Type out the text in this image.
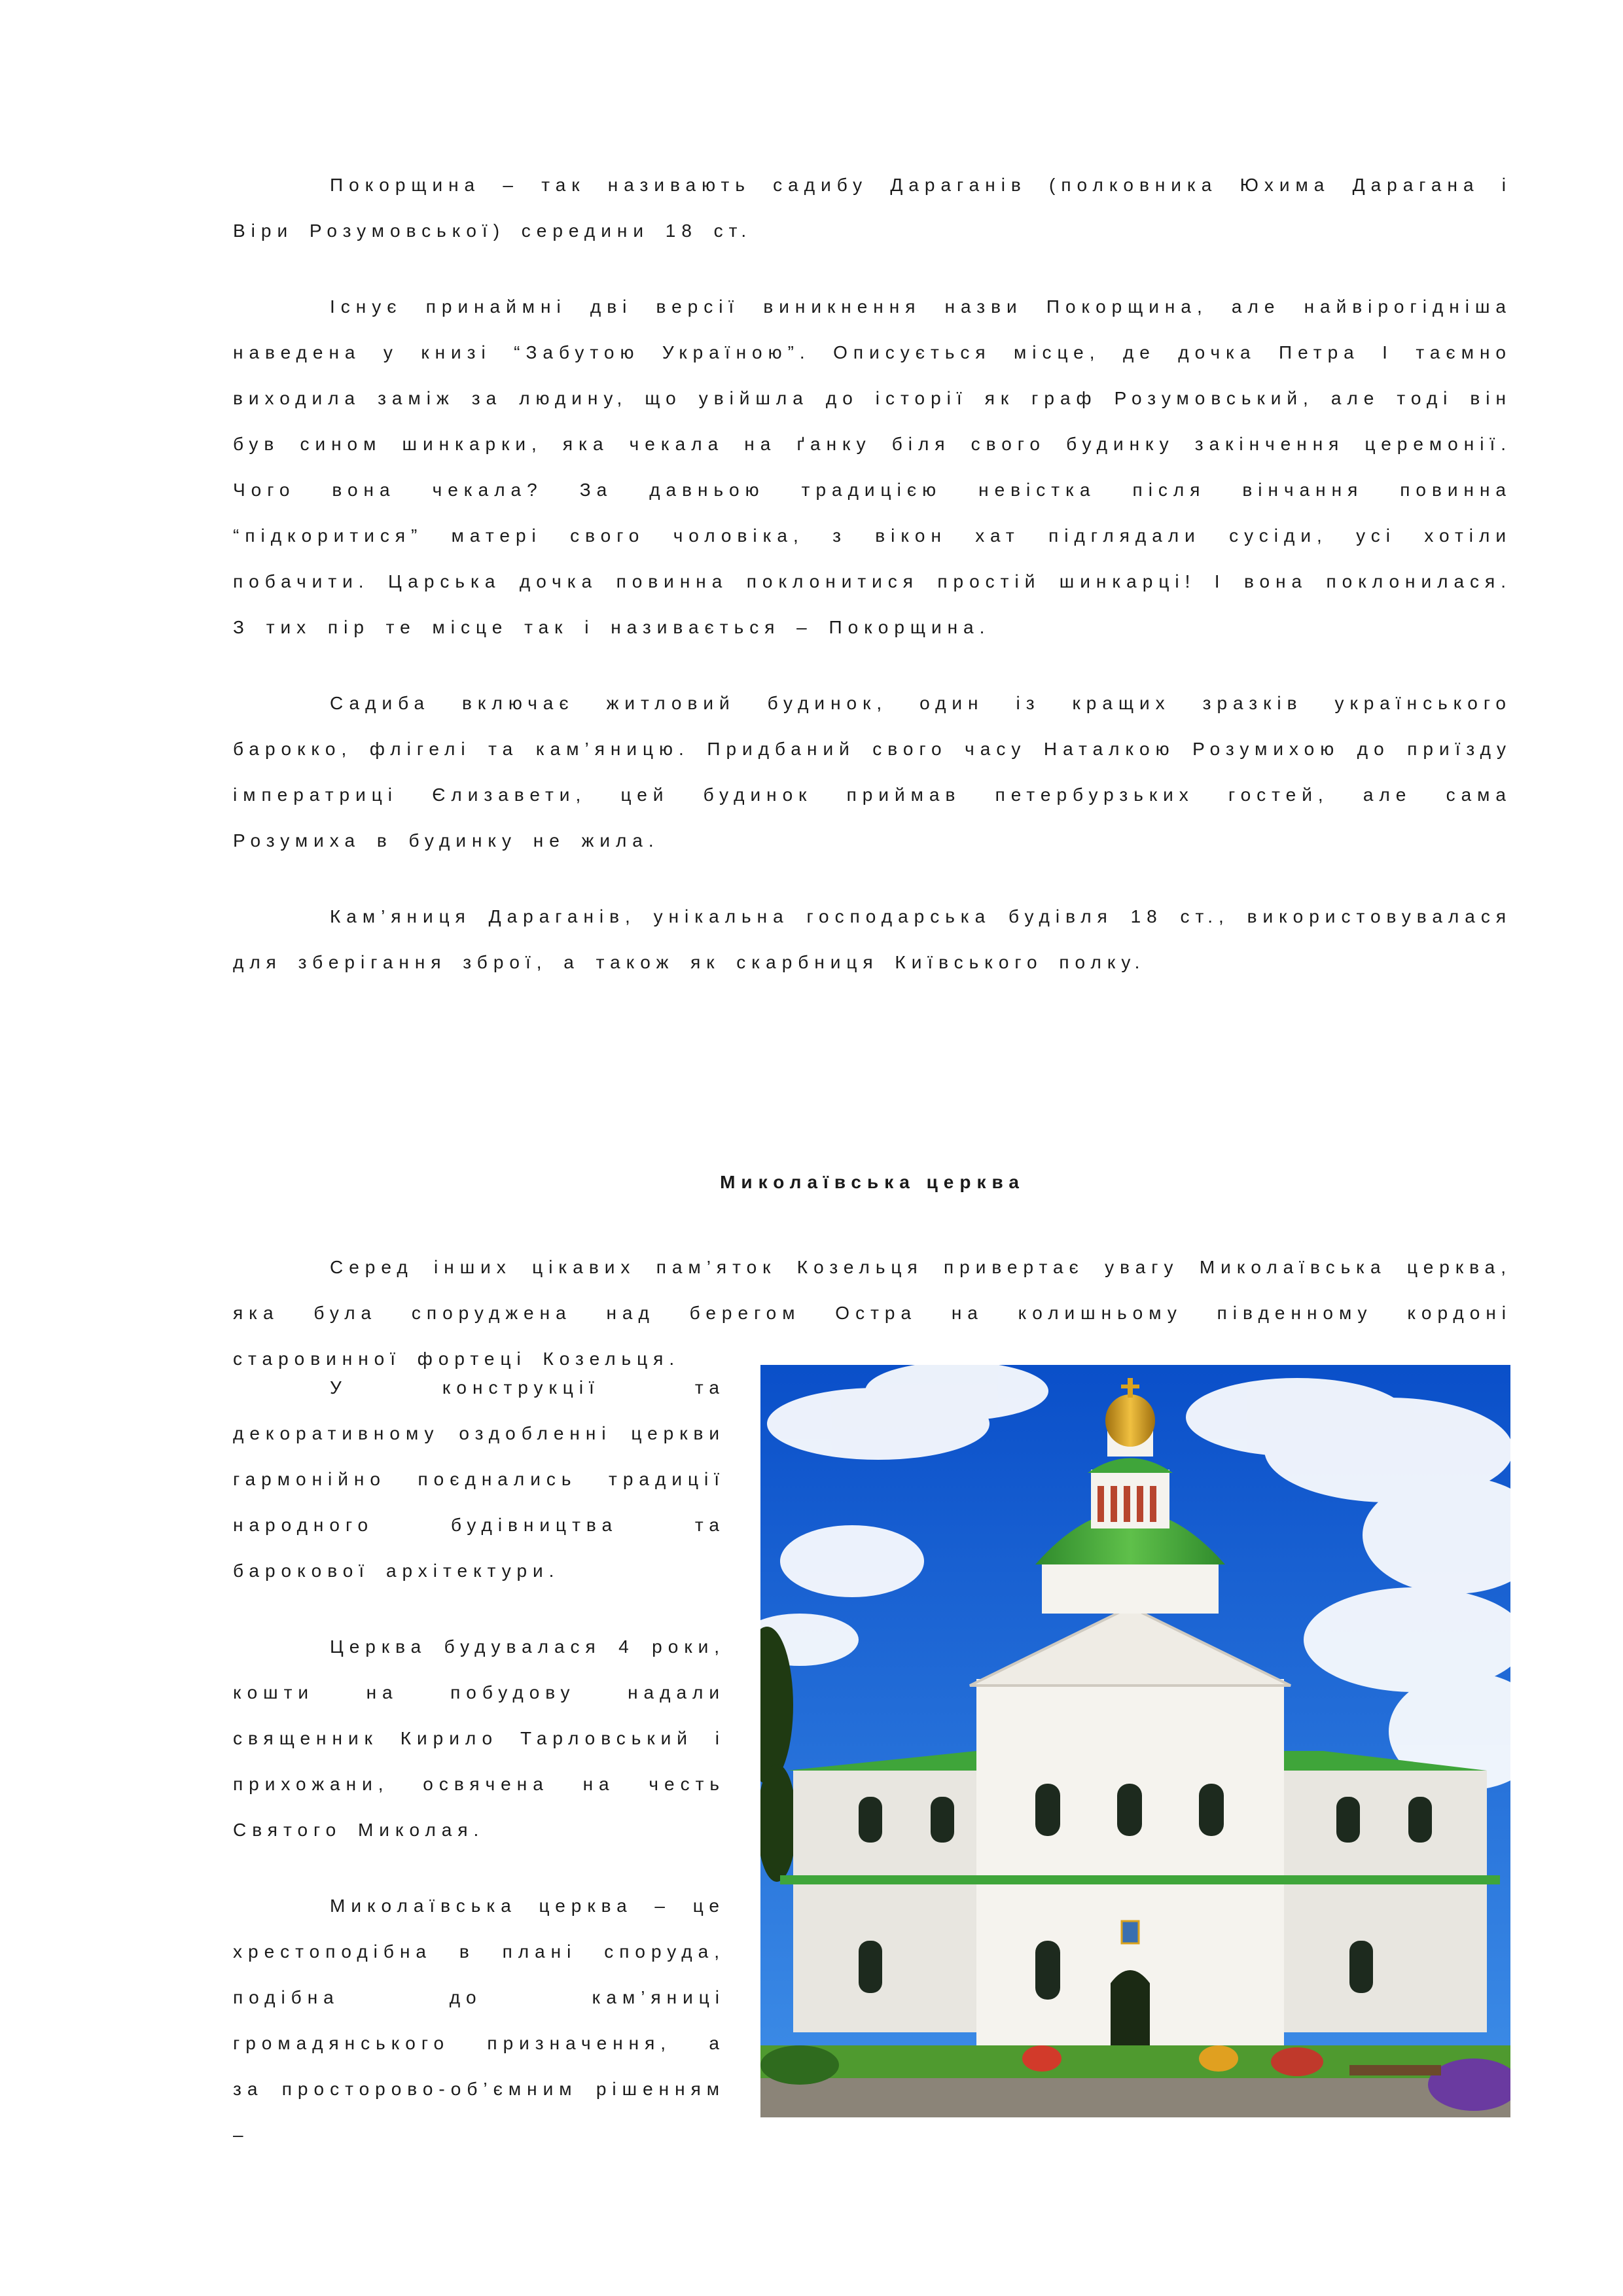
Покорщина – так називають садибу Дараганів (полковника Юхима Дарагана і Віри Розумовської) середини 18 ст.

Існує принаймні дві версії виникнення назви Покорщина, але найвірогідніша наведена у книзі “Забутою Україною”. Описується місце, де дочка Петра І таємно виходила заміж за людину, що увійшла до історії як граф Розумовський, але тоді він був сином шинкарки, яка чекала на ґанку біля свого будинку закінчення церемонії. Чого вона чекала? За давньою традицією невістка після вінчання повинна “підкоритися” матері свого чоловіка, з вікон хат підглядали сусіди, усі хотіли побачити. Царська дочка повинна поклонитися простій шинкарці! І вона поклонилася. З тих пір те місце так і називається – Покорщина.

Садиба включає житловий будинок, один із кращих зразків українського барокко, флігелі та кам’яницю. Придбаний свого часу Наталкою Розумихою до приїзду імператриці Єлизавети, цей будинок приймав петербурзьких гостей, але сама Розумиха в будинку не жила.

Кам’яниця Дараганів, унікальна господарська будівля 18 ст., використовувалася для зберігання зброї, а також як скарбниця Київського полку.

Миколаївська церква

Серед інших цікавих пам’яток Козельця привертає увагу Миколаївська церква, яка була споруджена над берегом Остра на колишньому південному кордоні старовинної фортеці Козельця.

У конструкції та декоративному оздобленні церкви гармонійно поєднались традиції народного будівництва та барокової архітектури.

Церква будувалася 4 роки, кошти на побудову надали священник Кирило Тарловський і прихожани, освячена на честь Святого Миколая.

Миколаївська церква – це хрестоподібна в плані споруда, подібна до кам’яниці громадянського призначення, а за просторово-об’ємним рішенням –
